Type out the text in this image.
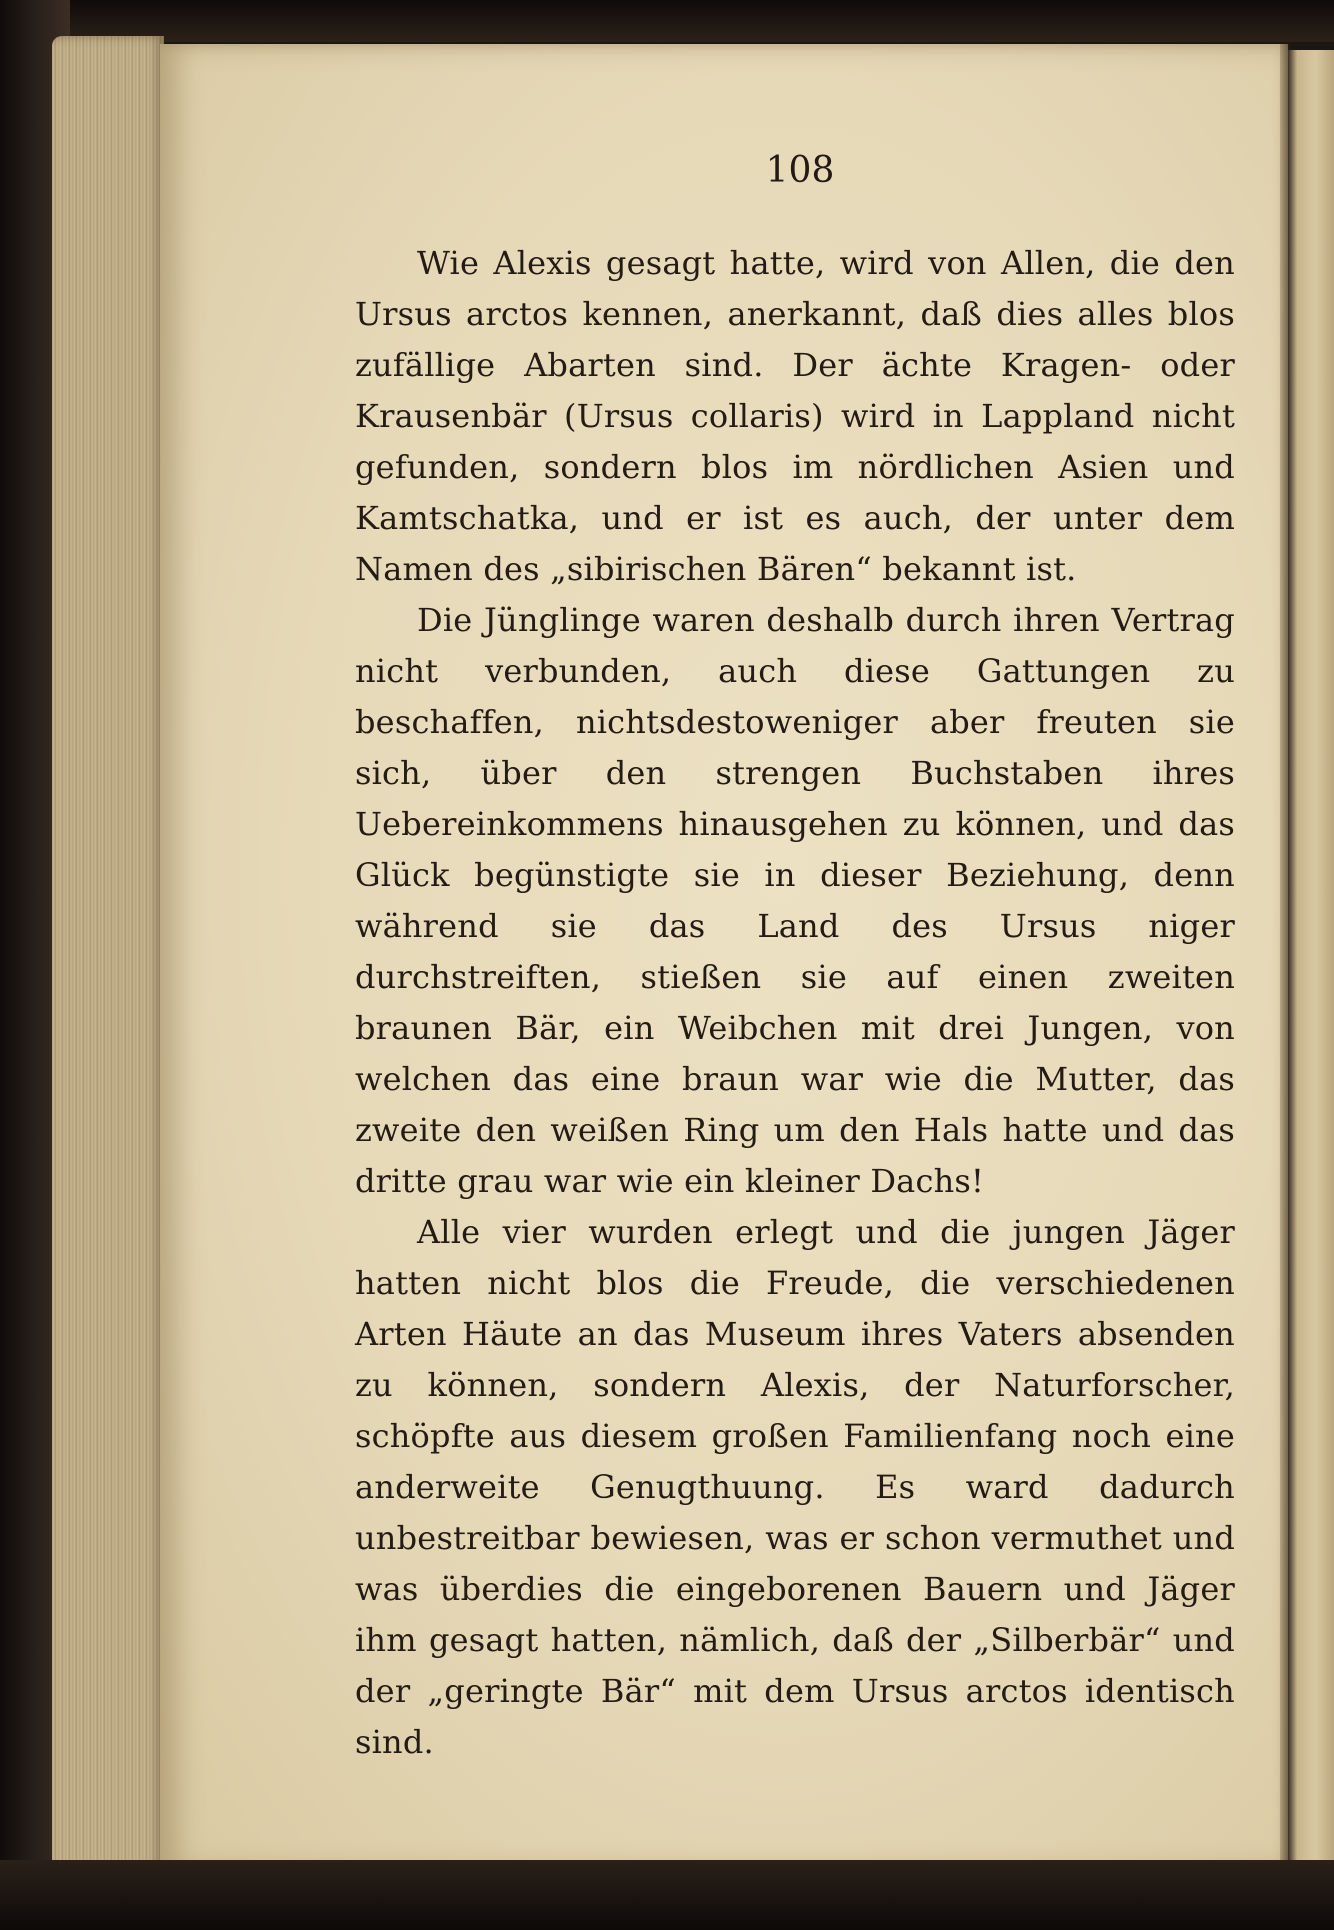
108

Wie Alexis gesagt hatte, wird von Allen, die den Ursus arctos kennen, anerkannt, daß dies alles blos zufällige Abarten sind. Der ächte Kragen- oder Krausenbär (Ursus collaris) wird in Lappland nicht gefunden, sondern blos im nördlichen Asien und Kamtschatka, und er ist es auch, der unter dem Namen des „sibirischen Bären“ bekannt ist.

Die Jünglinge waren deshalb durch ihren Vertrag nicht verbunden, auch diese Gattungen zu beschaffen, nichtsdestoweniger aber freuten sie sich, über den strengen Buchstaben ihres Uebereinkommens hinausgehen zu können, und das Glück begünstigte sie in dieser Beziehung, denn während sie das Land des Ursus niger durchstreiften, stießen sie auf einen zweiten braunen Bär, ein Weibchen mit drei Jungen, von welchen das eine braun war wie die Mutter, das zweite den weißen Ring um den Hals hatte und das dritte grau war wie ein kleiner Dachs!

Alle vier wurden erlegt und die jungen Jäger hatten nicht blos die Freude, die verschiedenen Arten Häute an das Museum ihres Vaters absenden zu können, sondern Alexis, der Naturforscher, schöpfte aus diesem großen Familienfang noch eine anderweite Genugthuung. Es ward dadurch unbestreitbar bewiesen, was er schon vermuthet und was überdies die eingeborenen Bauern und Jäger ihm gesagt hatten, nämlich, daß der „Silberbär“ und der „geringte Bär“ mit dem Ursus arctos identisch sind.
